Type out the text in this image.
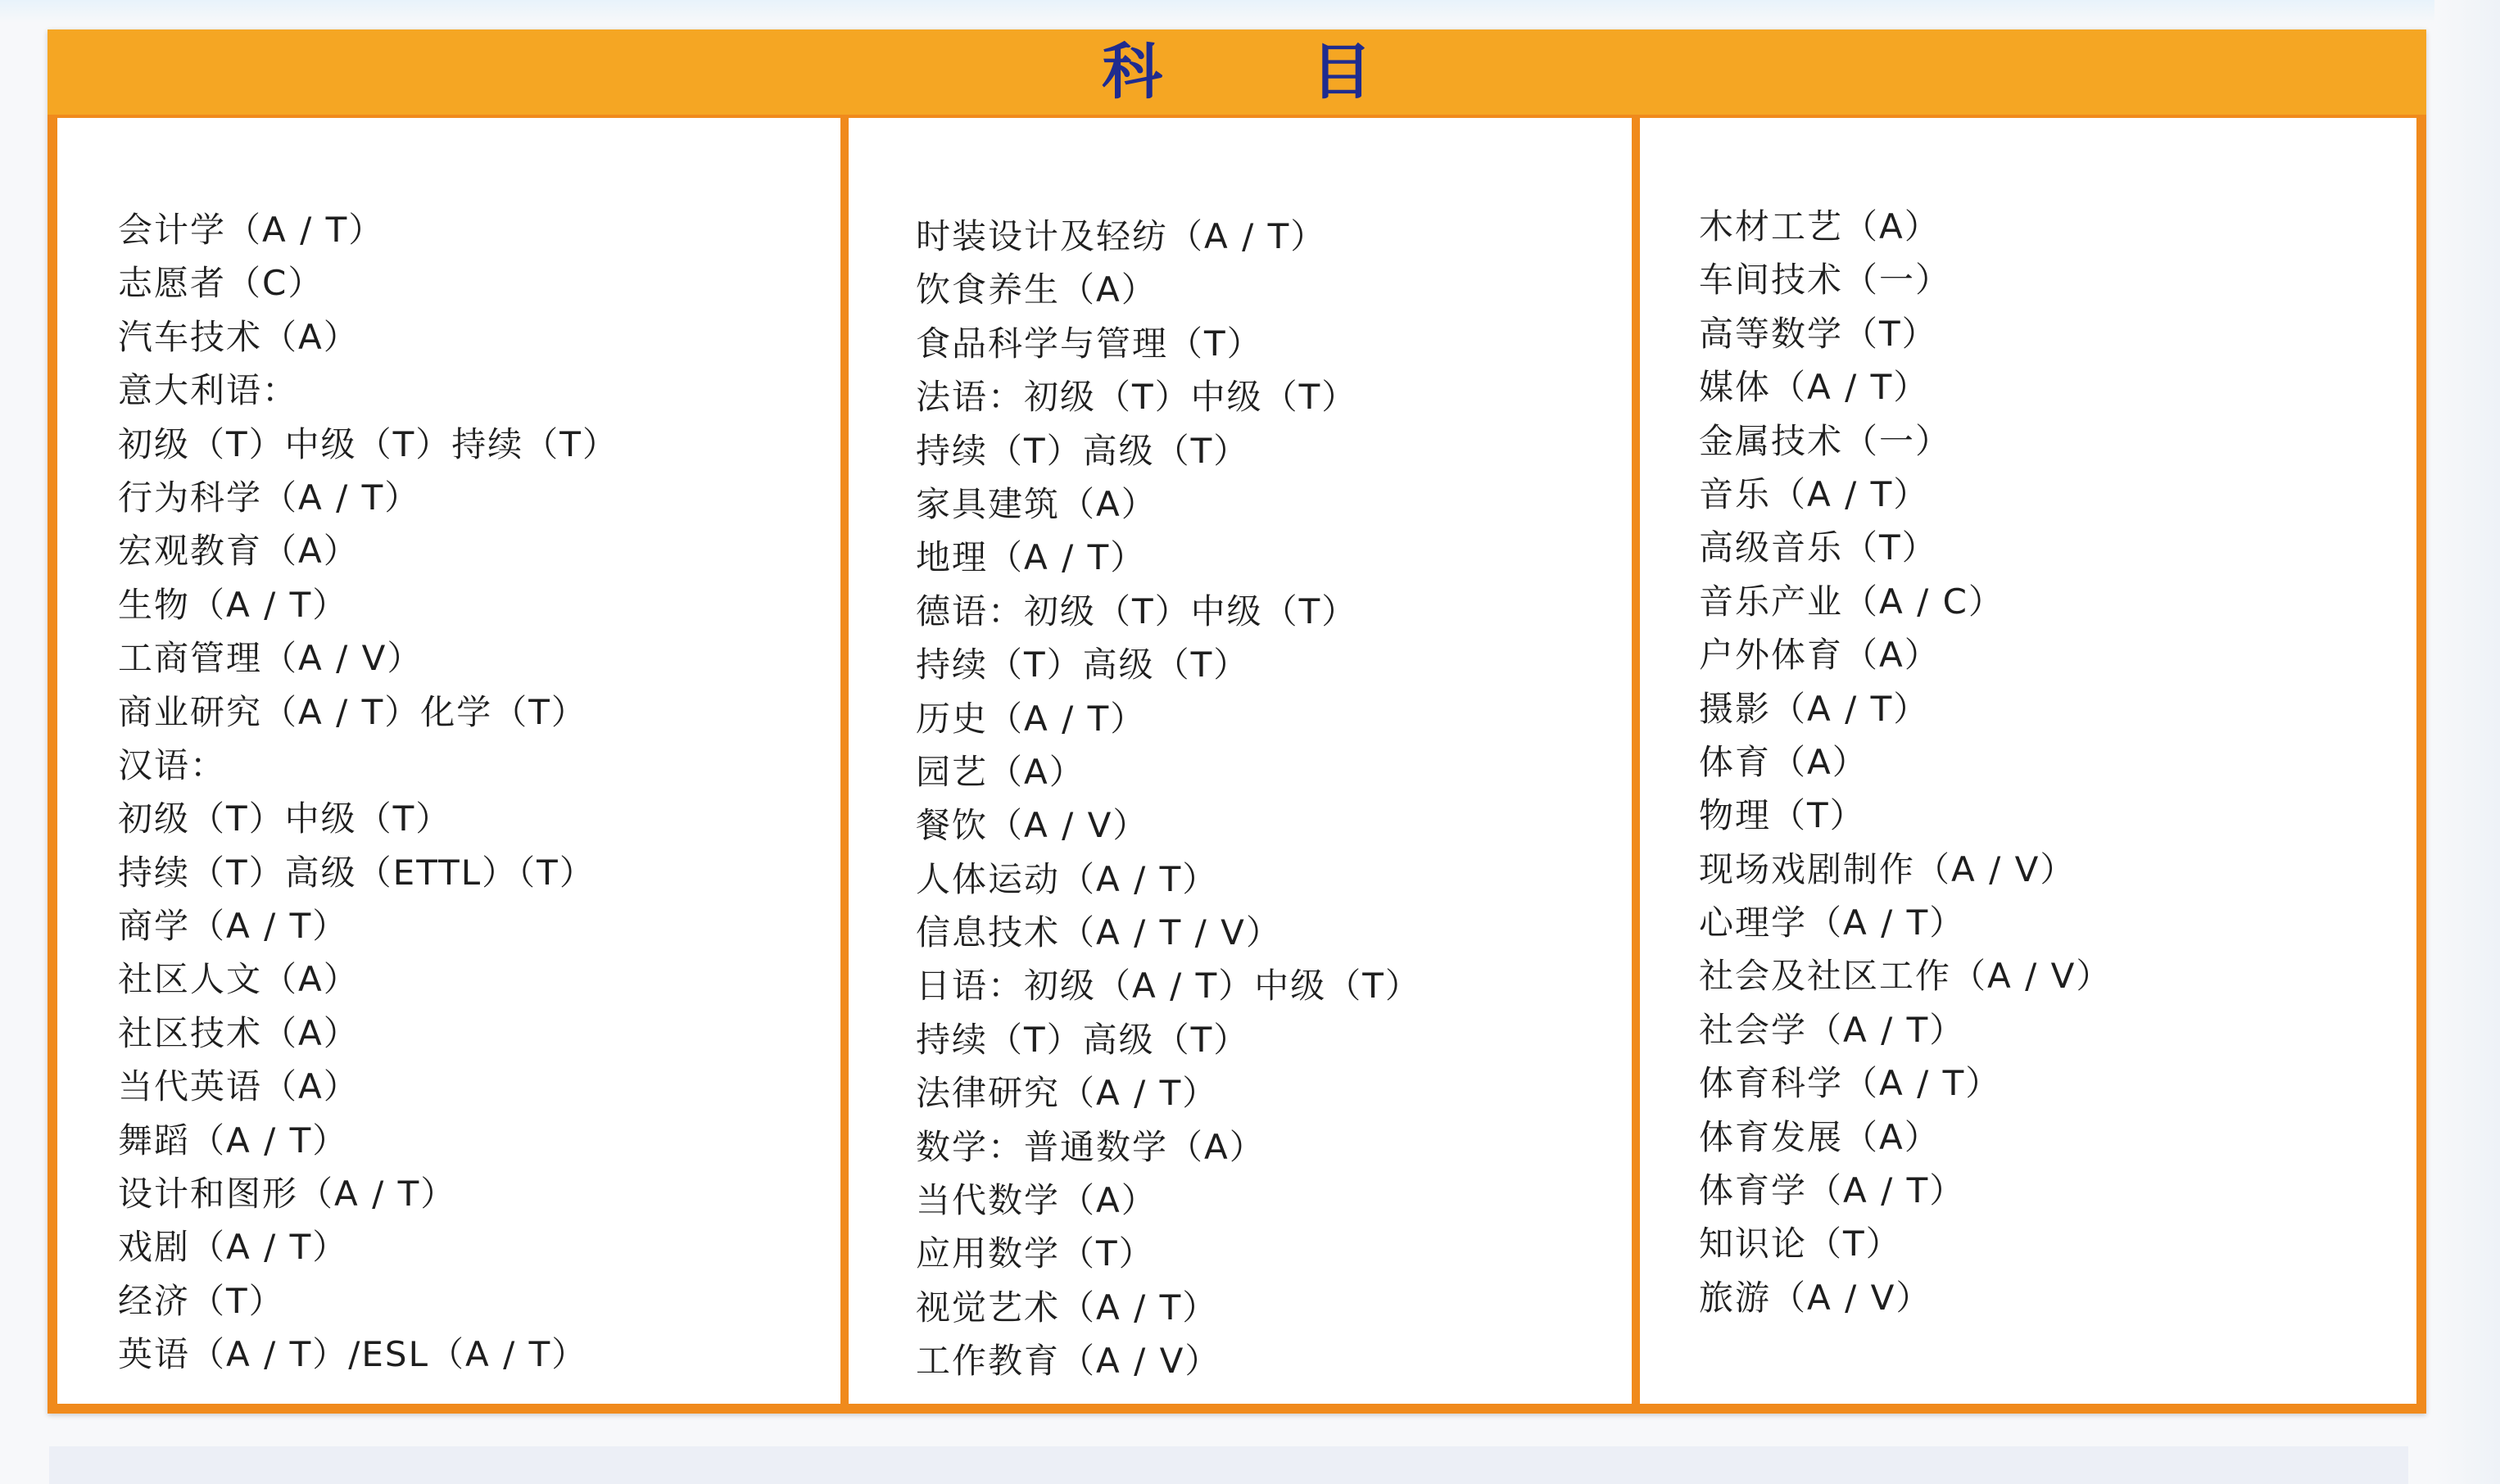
科 目
会计学（A / T）
志愿者（C）
汽车技术（A）
意大利语：
初级（T）中级（T）持续（T）
行为科学（A / T）
宏观教育（A）
生物（A / T）
工商管理（A / V）
商业研究（A / T）化学（T）
汉语：
初级（T）中级（T）
持续（T）高级（ETTL）（T）
商学（A / T）
社区人文（A）
社区技术（A）
当代英语（A）
舞蹈（A / T）
设计和图形（A / T）
戏剧（A / T）
经济（T）
英语（A / T）/ESL（A / T）
时装设计及轻纺（A / T）
饮食养生（A）
食品科学与管理（T）
法语：初级（T）中级（T）
持续（T）高级（T）
家具建筑（A）
地理（A / T）
德语：初级（T）中级（T）
持续（T）高级（T）
历史（A / T）
园艺（A）
餐饮（A / V）
人体运动（A / T）
信息技术（A / T / V）
日语：初级（A / T）中级（T）
持续（T）高级（T）
法律研究（A / T）
数学：普通数学（A）
当代数学（A）
应用数学（T）
视觉艺术（A / T）
工作教育（A / V）
木材工艺（A）
车间技术（一）
高等数学（T）
媒体（A / T）
金属技术（一）
音乐（A / T）
高级音乐（T）
音乐产业（A / C）
户外体育（A）
摄影（A / T）
体育（A）
物理（T）
现场戏剧制作（A / V）
心理学（A / T）
社会及社区工作（A / V）
社会学（A / T）
体育科学（A / T）
体育发展（A）
体育学（A / T）
知识论（T）
旅游（A / V）
